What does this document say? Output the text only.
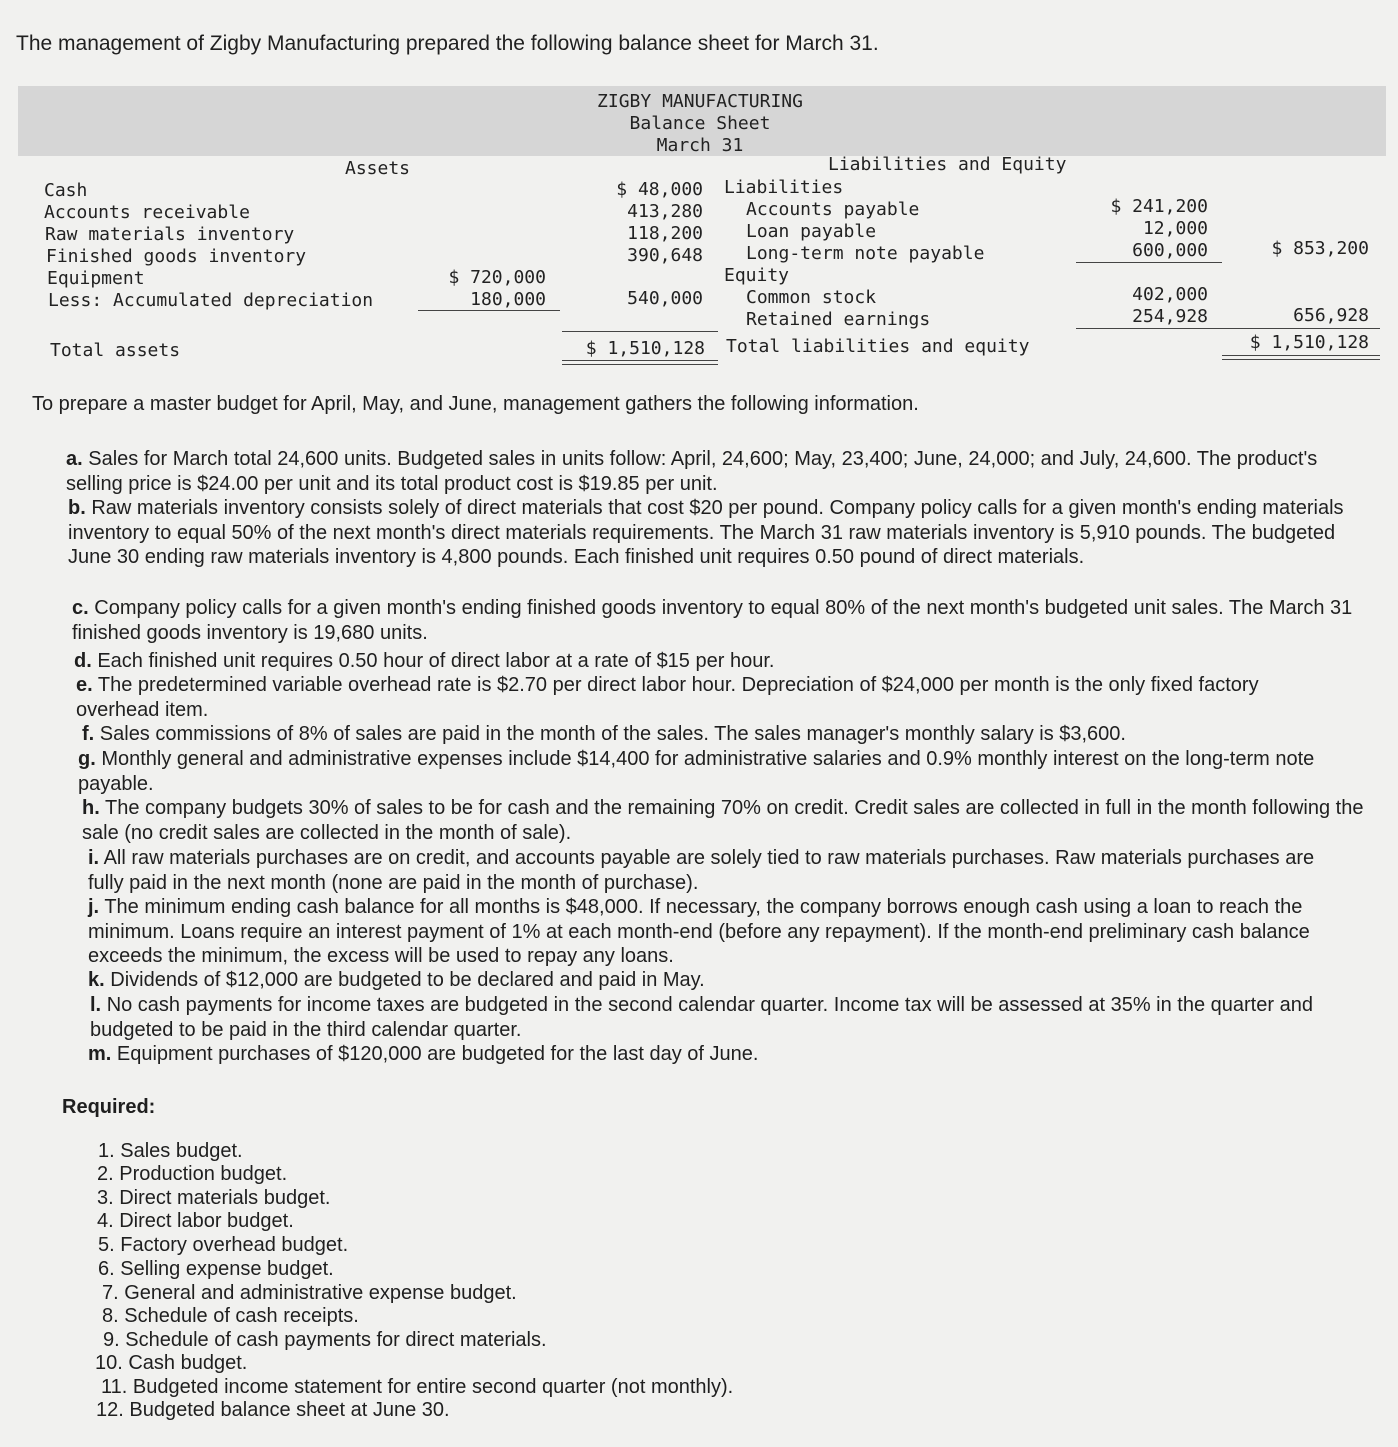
The management of Zigby Manufacturing prepared the following balance sheet for March 31.
ZIGBY MANUFACTURING
Balance Sheet
March 31
Assets	Liabilities and Equity
Cash
Accounts receivable
Raw materials inventory
Finished goods inventory
Equipment
Less: Accumulated depreciation
Total assets
$ 720,000
180,000
$ 48,000
413,280
118,200
390,648
540,000
$ 1,510,128
Liabilities
Accounts payable
Loan payable
Long-term note payable
Equity
Common stock
Retained earnings
Total liabilities and equity
$ 241,200
12,000
600,000
402,000
254,928
$ 853,200
656,928
$ 1,510,128
To prepare a master budget for April, May, and June, management gathers the following information.
a. Sales for March total 24,600 units. Budgeted sales in units follow: April, 24,600; May, 23,400; June, 24,000; and July, 24,600. The product's selling price is $24.00 per unit and its total product cost is $19.85 per unit.
b. Raw materials inventory consists solely of direct materials that cost $20 per pound. Company policy calls for a given month's ending materials inventory to equal 50% of the next month's direct materials requirements. The March 31 raw materials inventory is 5,910 pounds. The budgeted June 30 ending raw materials inventory is 4,800 pounds. Each finished unit requires 0.50 pound of direct materials.
c. Company policy calls for a given month's ending finished goods inventory to equal 80% of the next month's budgeted unit sales. The March 31 finished goods inventory is 19,680 units.
d. Each finished unit requires 0.50 hour of direct labor at a rate of $15 per hour.
e. The predetermined variable overhead rate is $2.70 per direct labor hour. Depreciation of $24,000 per month is the only fixed factory overhead item.
f. Sales commissions of 8% of sales are paid in the month of the sales. The sales manager's monthly salary is $3,600.
g. Monthly general and administrative expenses include $14,400 for administrative salaries and 0.9% monthly interest on the long-term note payable.
h. The company budgets 30% of sales to be for cash and the remaining 70% on credit. Credit sales are collected in full in the month following the sale (no credit sales are collected in the month of sale).
i. All raw materials purchases are on credit, and accounts payable are solely tied to raw materials purchases. Raw materials purchases are fully paid in the next month (none are paid in the month of purchase).
j. The minimum ending cash balance for all months is $48,000. If necessary, the company borrows enough cash using a loan to reach the minimum. Loans require an interest payment of 1% at each month-end (before any repayment). If the month-end preliminary cash balance exceeds the minimum, the excess will be used to repay any loans.
k. Dividends of $12,000 are budgeted to be declared and paid in May.
l. No cash payments for income taxes are budgeted in the second calendar quarter. Income tax will be assessed at 35% in the quarter and budgeted to be paid in the third calendar quarter.
m. Equipment purchases of $120,000 are budgeted for the last day of June.
Required:
1. Sales budget.
2. Production budget.
3. Direct materials budget.
4. Direct labor budget.
5. Factory overhead budget.
6. Selling expense budget.
7. General and administrative expense budget.
8. Schedule of cash receipts.
9. Schedule of cash payments for direct materials.
10. Cash budget.
11. Budgeted income statement for entire second quarter (not monthly).
12. Budgeted balance sheet at June 30.
